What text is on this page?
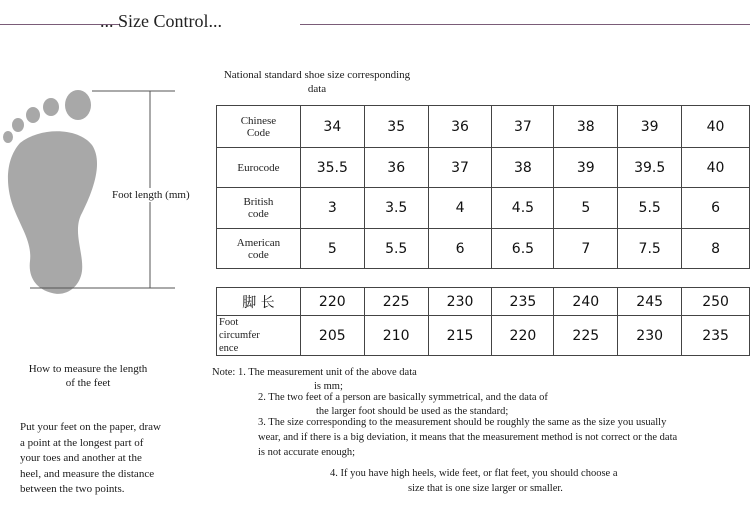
... Size Control...
Foot length (mm)
How to measure the length
of the feet
Put your feet on the paper, draw
a point at the longest part of
your toes and another at the
heel, and measure the distance
between the two points.
National standard shoe size corresponding
data
Chinese
Code	34	35	36	37	38	39	40

Eurocode	35.5	36	37	38	39	39.5	40

British
code	3	3.5	4	4.5	5	5.5	6

American
code	5	5.5	6	6.5	7	7.5	8
脚 长	220	225	230	235	240	245	250

Foot
circumfer
ence	205	210	215	220	225	230	235
Note: 1. The measurement unit of the above data
is mm;
2. The two feet of a person are basically symmetrical, and the data of
the larger foot should be used as the standard;
3. The size corresponding to the measurement should be roughly the same as the size you usually
wear, and if there is a big deviation, it means that the measurement method is not correct or the data
is not accurate enough;
4. If you have high heels, wide feet, or flat feet, you should choose a
size that is one size larger or smaller.
